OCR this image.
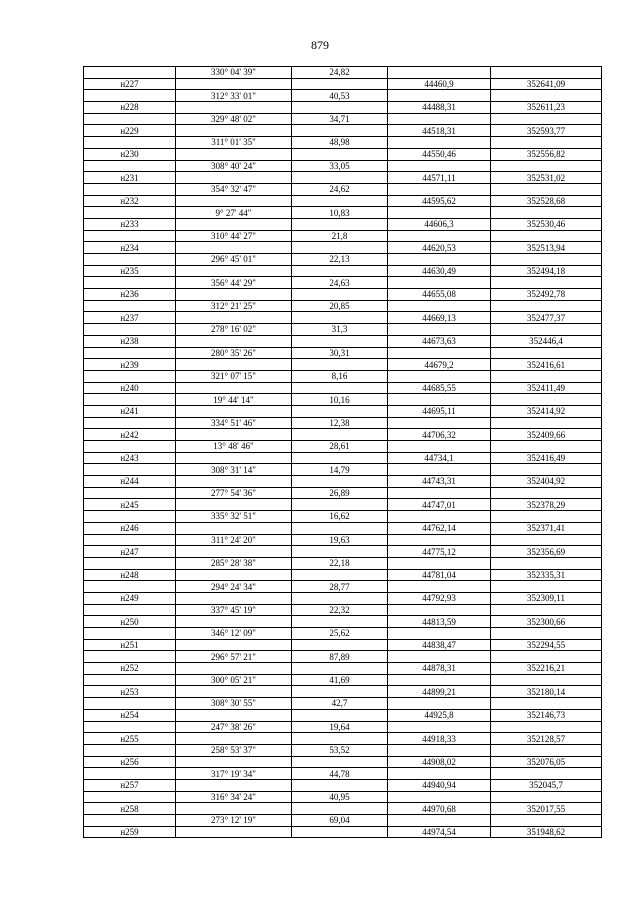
879
	330° 04' 39"	24,82		
н227			44460,9	352641,09
	312° 33' 01"	40,53		
н228			44488,31	352611,23
	329° 48' 02"	34,71		
н229			44518,31	352593,77
	311° 01' 35"	48,98		
н230			44550,46	352556,82
	308° 40' 24"	33,05		
н231			44571,11	352531,02
	354° 32' 47"	24,62		
н232			44595,62	352528,68
	9° 27' 44"	10,83		
н233			44606,3	352530,46
	310° 44' 27"	21,8		
н234			44620,53	352513,94
	296° 45' 01"	22,13		
н235			44630,49	352494,18
	356° 44' 29"	24,63		
н236			44655,08	352492,78
	312° 21' 25"	20,85		
н237			44669,13	352477,37
	278° 16' 02"	31,3		
н238			44673,63	352446,4
	280° 35' 26"	30,31		
н239			44679,2	352416,61
	321° 07' 15"	8,16		
н240			44685,55	352411,49
	19° 44' 14"	10,16		
н241			44695,11	352414,92
	334° 51' 46"	12,38		
н242			44706,32	352409,66
	13° 48' 46"	28,61		
н243			44734,1	352416,49
	308° 31' 14"	14,79		
н244			44743,31	352404,92
	277° 54' 36"	26,89		
н245			44747,01	352378,29
	335° 32' 51"	16,62		
н246			44762,14	352371,41
	311° 24' 20"	19,63		
н247			44775,12	352356,69
	285° 28' 38"	22,18		
н248			44781,04	352335,31
	294° 24' 34"	28,77		
н249			44792,93	352309,11
	337° 45' 19"	22,32		
н250			44813,59	352300,66
	346° 12' 09"	25,62		
н251			44838,47	352294,55
	296° 57' 21"	87,89		
н252			44878,31	352216,21
	300° 05' 21"	41,69		
н253			44899,21	352180,14
	308° 30' 55"	42,7		
н254			44925,8	352146,73
	247° 38' 26"	19,64		
н255			44918,33	352128,57
	258° 53' 37"	53,52		
н256			44908,02	352076,05
	317° 19' 34"	44,78		
н257			44940,94	352045,7
	316° 34' 24"	40,95		
н258			44970,68	352017,55
	273° 12' 19"	69,04		
н259			44974,54	351948,62
